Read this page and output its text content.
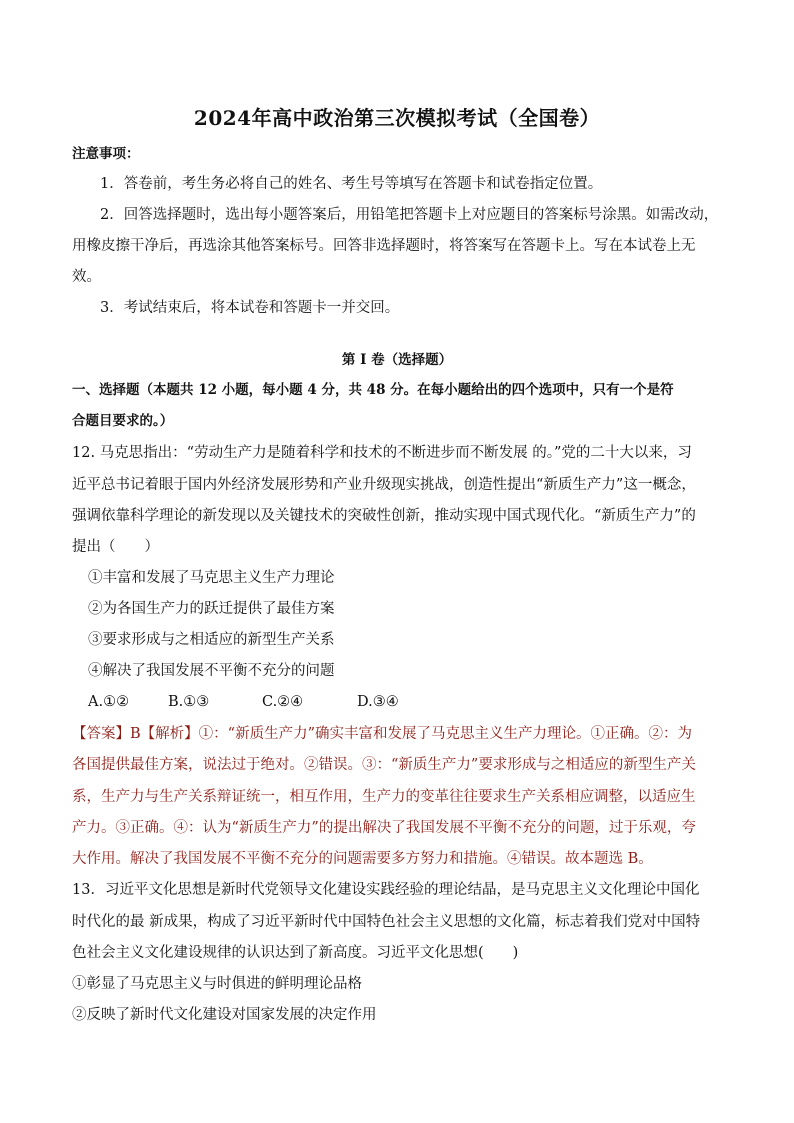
2024年高中政治第三次模拟考试（全国卷）
注意事项：
1．答卷前，考生务必将自己的姓名、考生号等填写在答题卡和试卷指定位置。
2．回答选择题时，选出每小题答案后，用铅笔把答题卡上对应题目的答案标号涂黑。如需改动，
用橡皮擦干净后，再选涂其他答案标号。回答非选择题时，将答案写在答题卡上。写在本试卷上无
效。
3．考试结束后，将本试卷和答题卡一并交回。
第 I 卷（选择题）
一、选择题（本题共 12 小题，每小题 4 分，共 48 分。在每小题给出的四个选项中，只有一个是符
合题目要求的。）
12. 马克思指出：“劳动生产力是随着科学和技术的不断进步而不断发展 的。”党的二十大以来，习
近平总书记着眼于国内外经济发展形势和产业升级现实挑战，创造性提出“新质生产力”这一概念，
强调依靠科学理论的新发现以及关键技术的突破性创新，推动实现中国式现代化。“新质生产力”的
提出（　　）
①丰富和发展了马克思主义生产力理论
②为各国生产力的跃迁提供了最佳方案
③要求形成与之相适应的新型生产关系
④解决了我国发展不平衡不充分的问题
A.①②	B.①③	C.②④	D.③④
【答案】B【解析】①：“新质生产力”确实丰富和发展了马克思主义生产力理论。①正确。②：为
各国提供最佳方案，说法过于绝对。②错误。③：“新质生产力”要求形成与之相适应的新型生产关
系，生产力与生产关系辩证统一，相互作用，生产力的变革往往要求生产关系相应调整，以适应生
产力。③正确。④：认为“新质生产力”的提出解决了我国发展不平衡不充分的问题，过于乐观，夸
大作用。解决了我国发展不平衡不充分的问题需要多方努力和措施。④错误。故本题选 B。
13．习近平文化思想是新时代党领导文化建设实践经验的理论结晶，是马克思主义文化理论中国化
时代化的最 新成果，构成了习近平新时代中国特色社会主义思想的文化篇，标志着我们党对中国特
色社会主义文化建设规律的认识达到了新高度。习近平文化思想(　　)
①彰显了马克思主义与时俱进的鲜明理论品格
②反映了新时代文化建设对国家发展的决定作用
